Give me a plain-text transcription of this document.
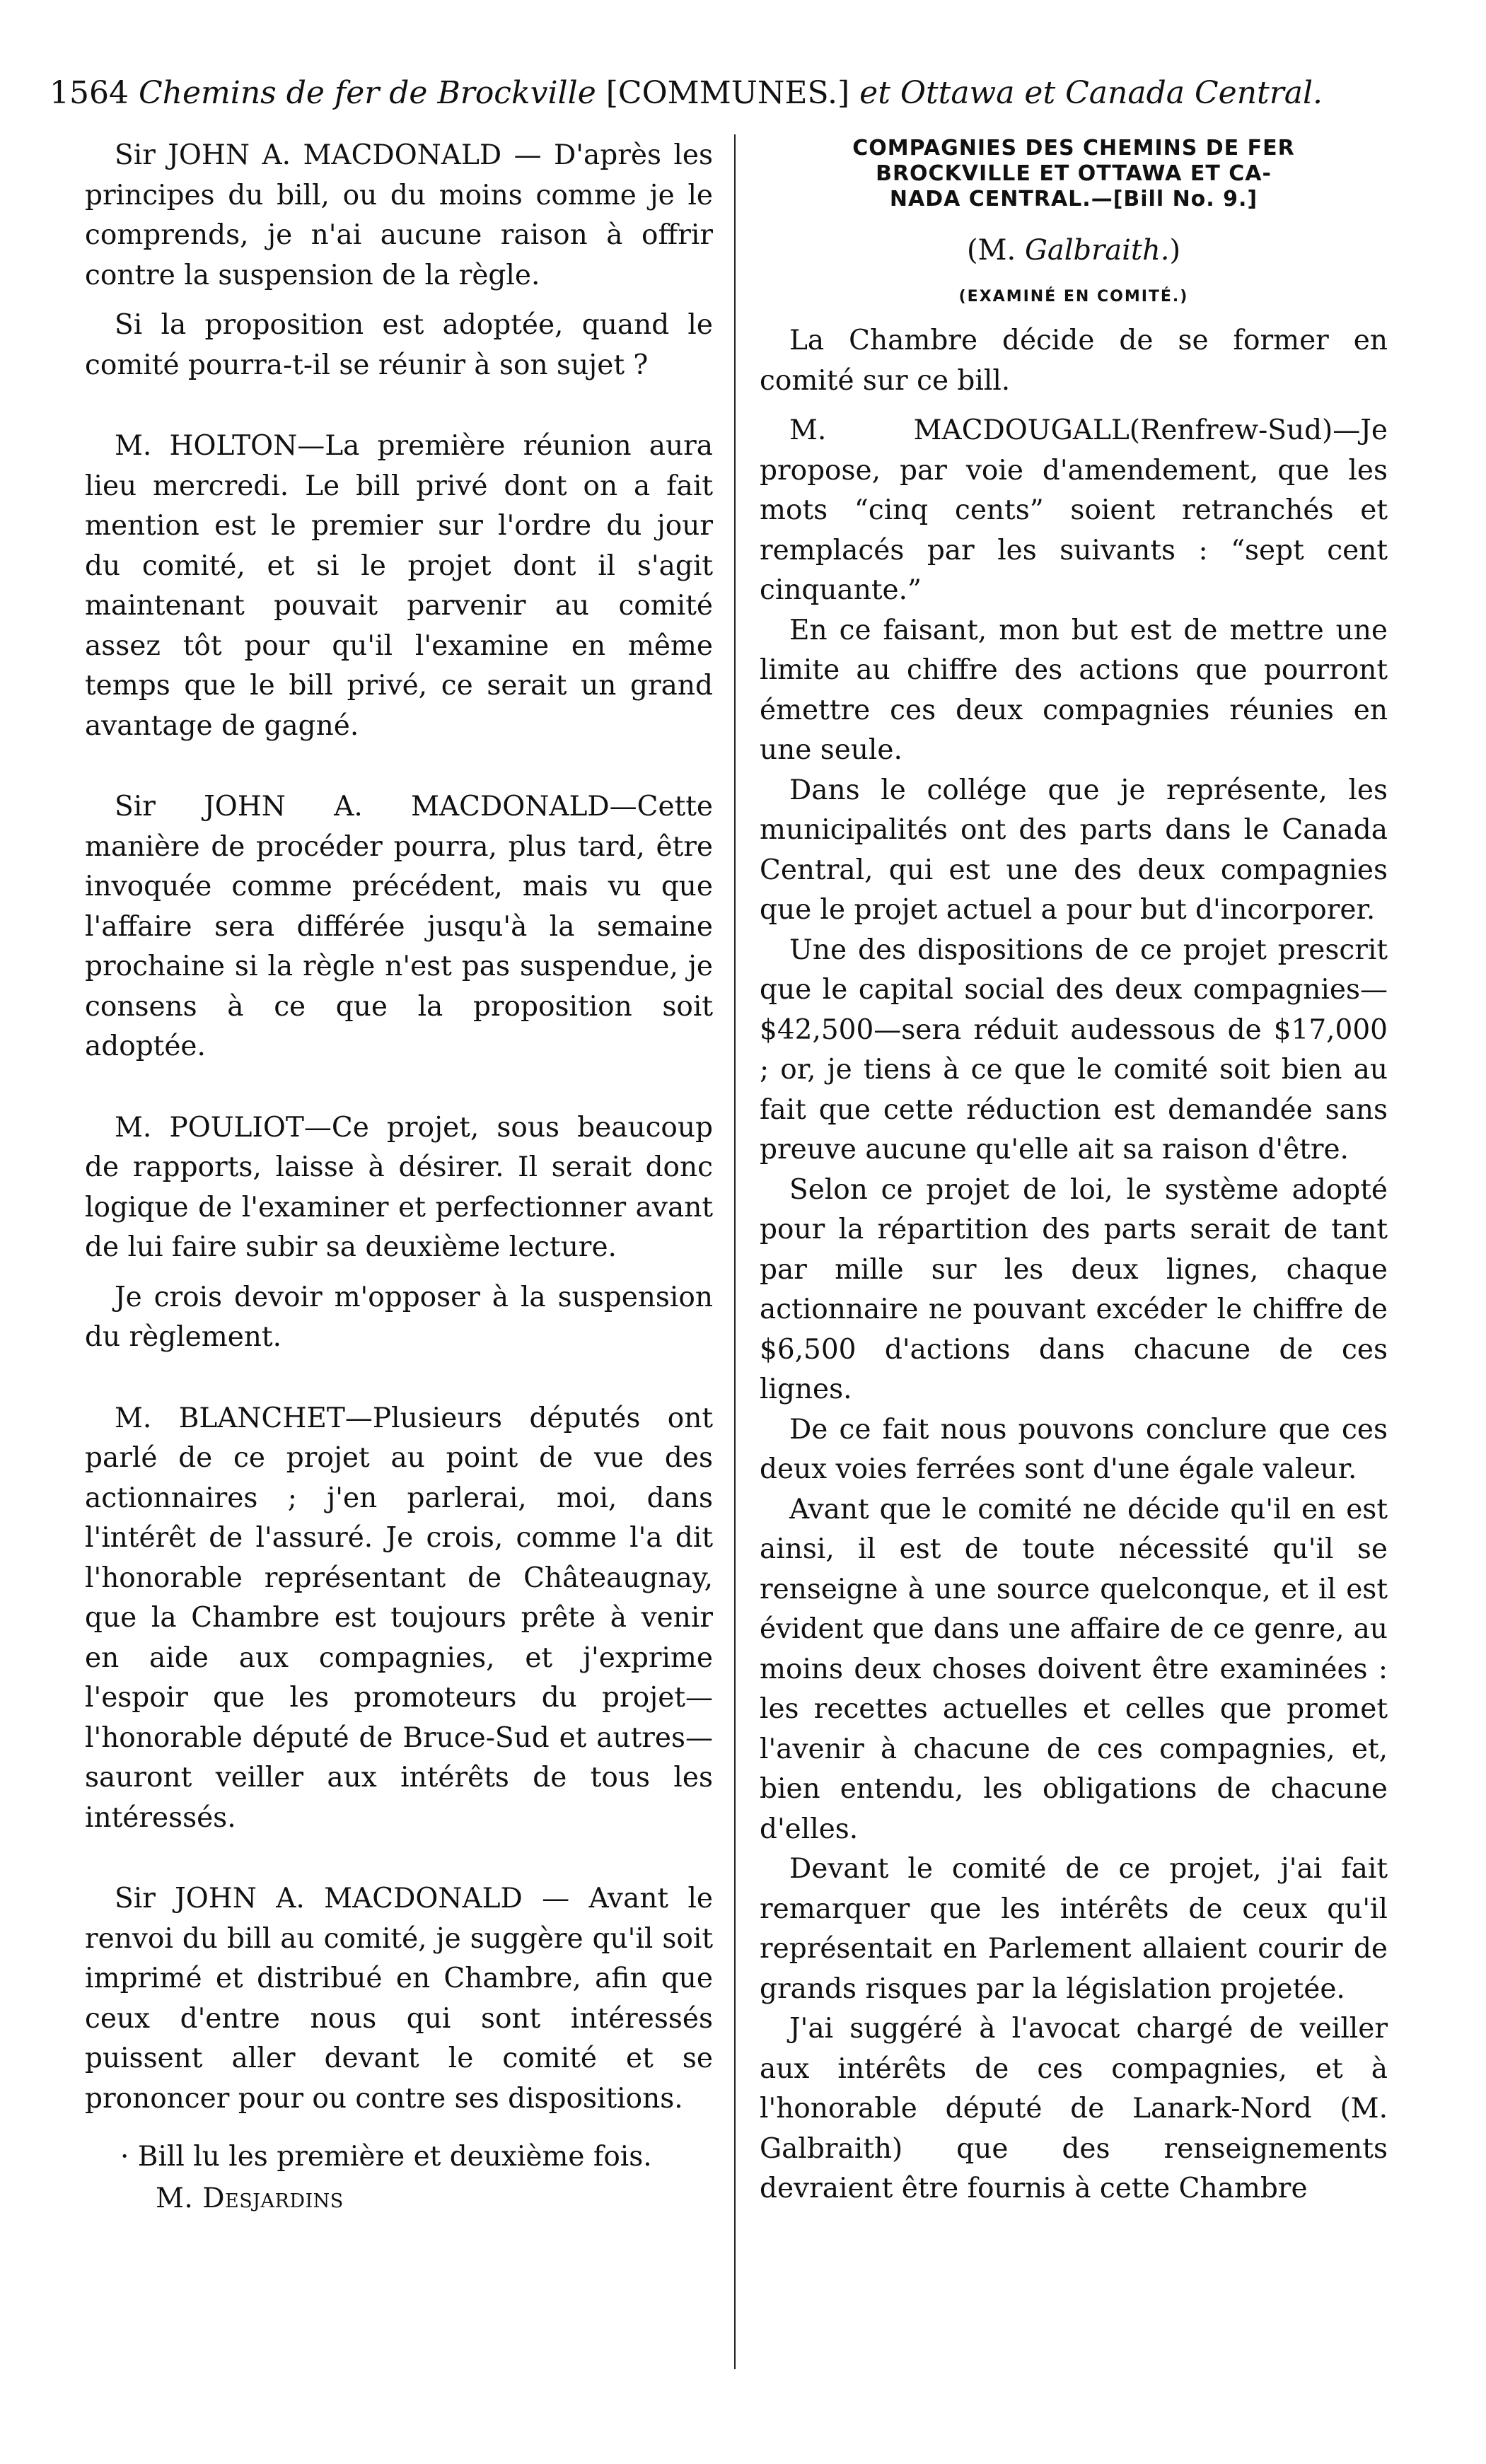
1564 Chemins de fer de Brockville [COMMUNES.] et Ottawa et Canada Central.

Sir JOHN A. MACDONALD — D'après les principes du bill, ou du moins comme je le comprends, je n'ai aucune raison à offrir contre la suspension de la règle.

Si la proposition est adoptée, quand le comité pourra-t-il se réunir à son sujet ?

M. HOLTON—La première réunion aura lieu mercredi. Le bill privé dont on a fait mention est le premier sur l'ordre du jour du comité, et si le projet dont il s'agit maintenant pouvait parvenir au comité assez tôt pour qu'il l'examine en même temps que le bill privé, ce serait un grand avantage de gagné.

Sir JOHN A. MACDONALD—Cette manière de procéder pourra, plus tard, être invoquée comme précédent, mais vu que l'affaire sera différée jusqu'à la semaine prochaine si la règle n'est pas suspendue, je consens à ce que la proposition soit adoptée.

M. POULIOT—Ce projet, sous beaucoup de rapports, laisse à désirer. Il serait donc logique de l'examiner et perfectionner avant de lui faire subir sa deuxième lecture.

Je crois devoir m'opposer à la suspension du règlement.

M. BLANCHET—Plusieurs députés ont parlé de ce projet au point de vue des actionnaires ; j'en parlerai, moi, dans l'intérêt de l'assuré. Je crois, comme l'a dit l'honorable représentant de Châteaugnay, que la Chambre est toujours prête à venir en aide aux compagnies, et j'exprime l'espoir que les promoteurs du projet—l'honorable député de Bruce-Sud et autres—sauront veiller aux intérêts de tous les intéressés.

Sir JOHN A. MACDONALD — Avant le renvoi du bill au comité, je suggère qu'il soit imprimé et distribué en Chambre, afin que ceux d'entre nous qui sont intéressés puissent aller devant le comité et se prononcer pour ou contre ses dispositions.

· Bill lu les première et deuxième fois.

M. Desjardins

COMPAGNIES DES CHEMINS DE FER

BROCKVILLE ET OTTAWA ET CA-

NADA CENTRAL.—[Bill No. 9.]

(M. Galbraith.)

(EXAMINÉ EN COMITÉ.)

La Chambre décide de se former en comité sur ce bill.

M. MACDOUGALL(Renfrew-Sud)—Je propose, par voie d'amendement, que les mots “cinq cents” soient retranchés et remplacés par les suivants : “sept cent cinquante.”

En ce faisant, mon but est de mettre une limite au chiffre des actions que pourront émettre ces deux compagnies réunies en une seule.

Dans le collége que je représente, les municipalités ont des parts dans le Canada Central, qui est une des deux compagnies que le projet actuel a pour but d'incorporer.

Une des dispositions de ce projet prescrit que le capital social des deux compagnies—$42,500—sera réduit audessous de $17,000 ; or, je tiens à ce que le comité soit bien au fait que cette réduction est demandée sans preuve aucune qu'elle ait sa raison d'être.

Selon ce projet de loi, le système adopté pour la répartition des parts serait de tant par mille sur les deux lignes, chaque actionnaire ne pouvant excéder le chiffre de $6,500 d'actions dans chacune de ces lignes.

De ce fait nous pouvons conclure que ces deux voies ferrées sont d'une égale valeur.

Avant que le comité ne décide qu'il en est ainsi, il est de toute nécessité qu'il se renseigne à une source quelconque, et il est évident que dans une affaire de ce genre, au moins deux choses doivent être examinées : les recettes actuelles et celles que promet l'avenir à chacune de ces compagnies, et, bien entendu, les obligations de chacune d'elles.

Devant le comité de ce projet, j'ai fait remarquer que les intérêts de ceux qu'il représentait en Parlement allaient courir de grands risques par la législation projetée.

J'ai suggéré à l'avocat chargé de veiller aux intérêts de ces compagnies, et à l'honorable député de Lanark-Nord (M. Galbraith) que des renseignements devraient être fournis à cette Chambre
